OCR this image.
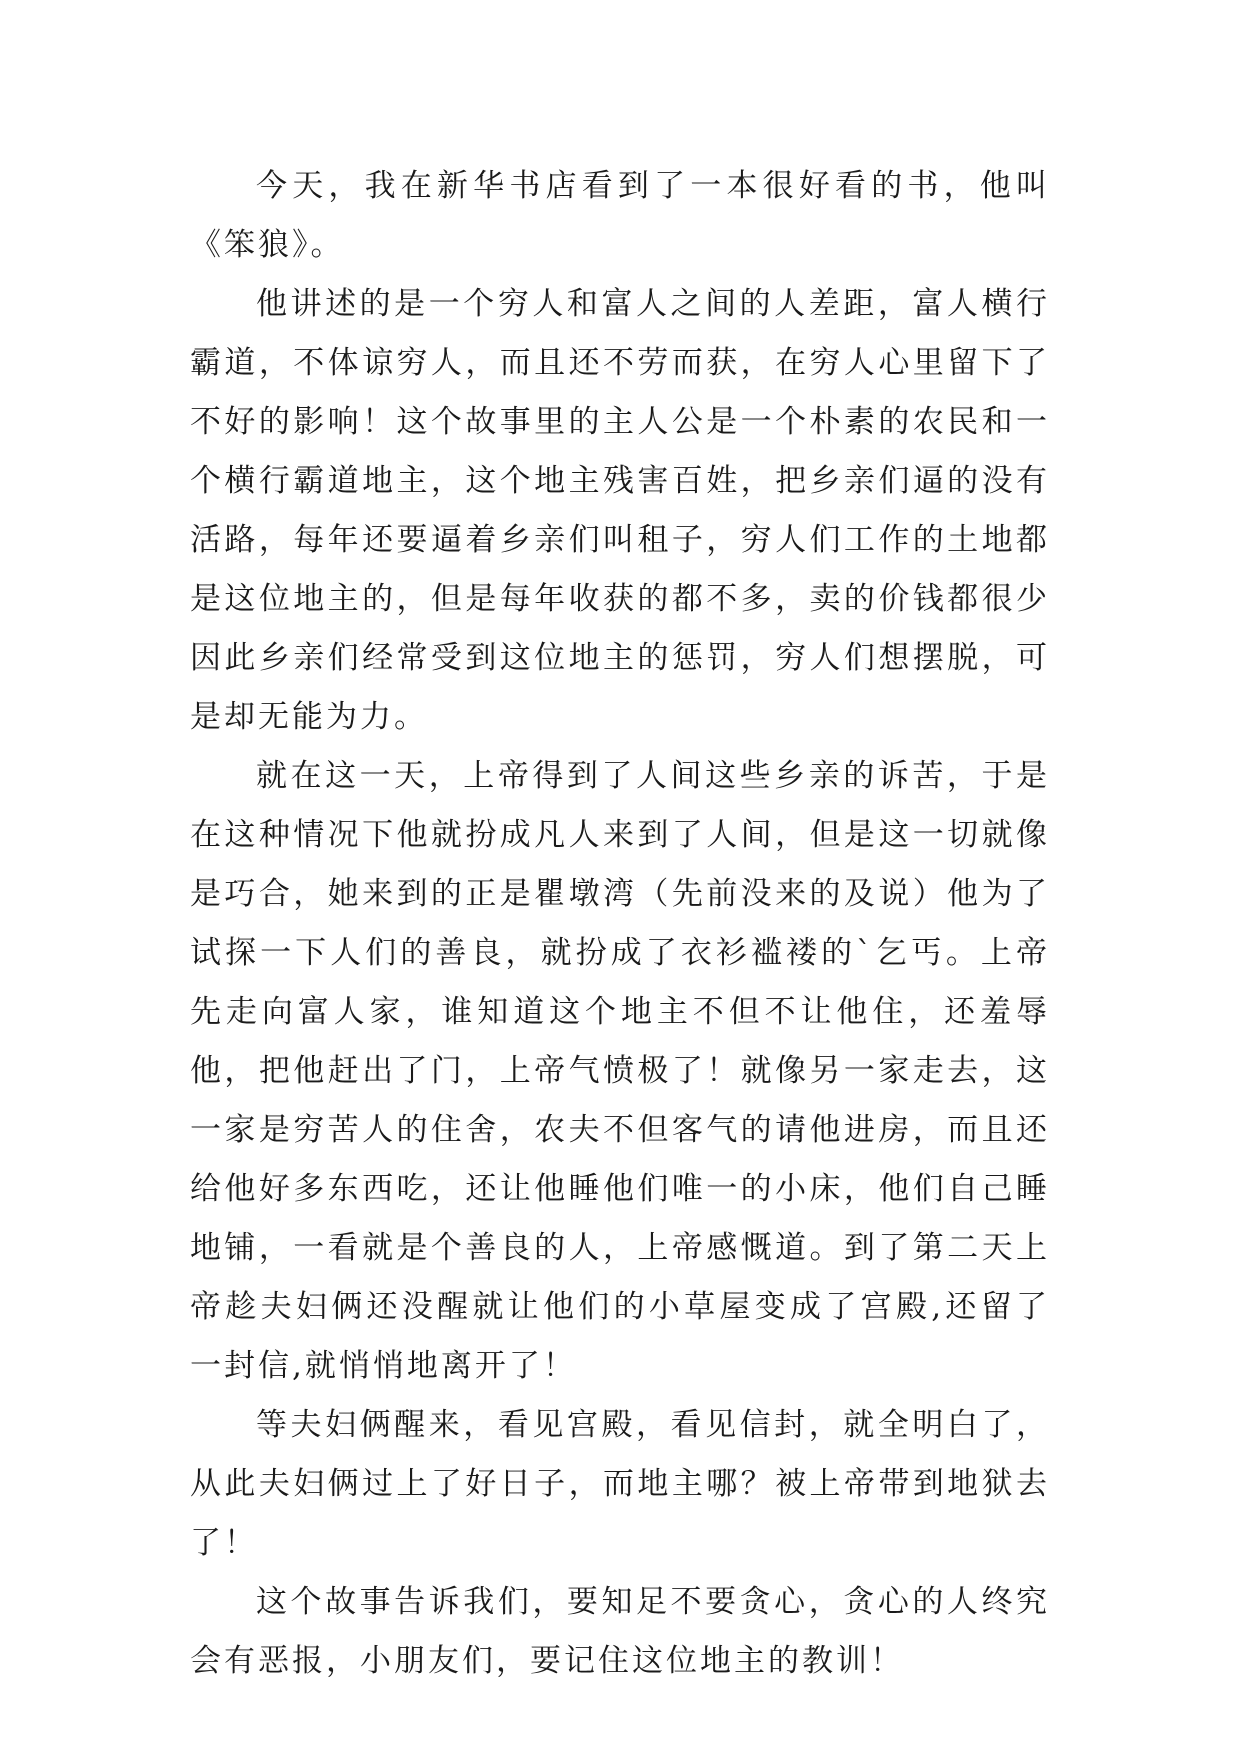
今天，我在新华书店看到了一本很好看的书，他叫《笨狼》。

他讲述的是一个穷人和富人之间的人差距，富人横行霸道，不体谅穷人，而且还不劳而获，在穷人心里留下了不好的影响！这个故事里的主人公是一个朴素的农民和一个横行霸道地主，这个地主残害百姓，把乡亲们逼的没有活路，每年还要逼着乡亲们叫租子，穷人们工作的土地都是这位地主的，但是每年收获的都不多，卖的价钱都很少因此乡亲们经常受到这位地主的惩罚，穷人们想摆脱，可是却无能为力。

就在这一天，上帝得到了人间这些乡亲的诉苦，于是在这种情况下他就扮成凡人来到了人间，但是这一切就像是巧合，她来到的正是瞿墩湾（先前没来的及说）他为了试探一下人们的善良，就扮成了衣衫褴褛的`乞丐。上帝先走向富人家，谁知道这个地主不但不让他住，还羞辱他，把他赶出了门，上帝气愤极了！就像另一家走去，这一家是穷苦人的住舍，农夫不但客气的请他进房，而且还给他好多东西吃，还让他睡他们唯一的小床，他们自己睡地铺，一看就是个善良的人，上帝感慨道。到了第二天上帝趁夫妇俩还没醒就让他们的小草屋变成了宫殿,还留了一封信,就悄悄地离开了！

等夫妇俩醒来，看见宫殿，看见信封，就全明白了，从此夫妇俩过上了好日子，而地主哪？被上帝带到地狱去了！

这个故事告诉我们，要知足不要贪心，贪心的人终究会有恶报，小朋友们，要记住这位地主的教训！
